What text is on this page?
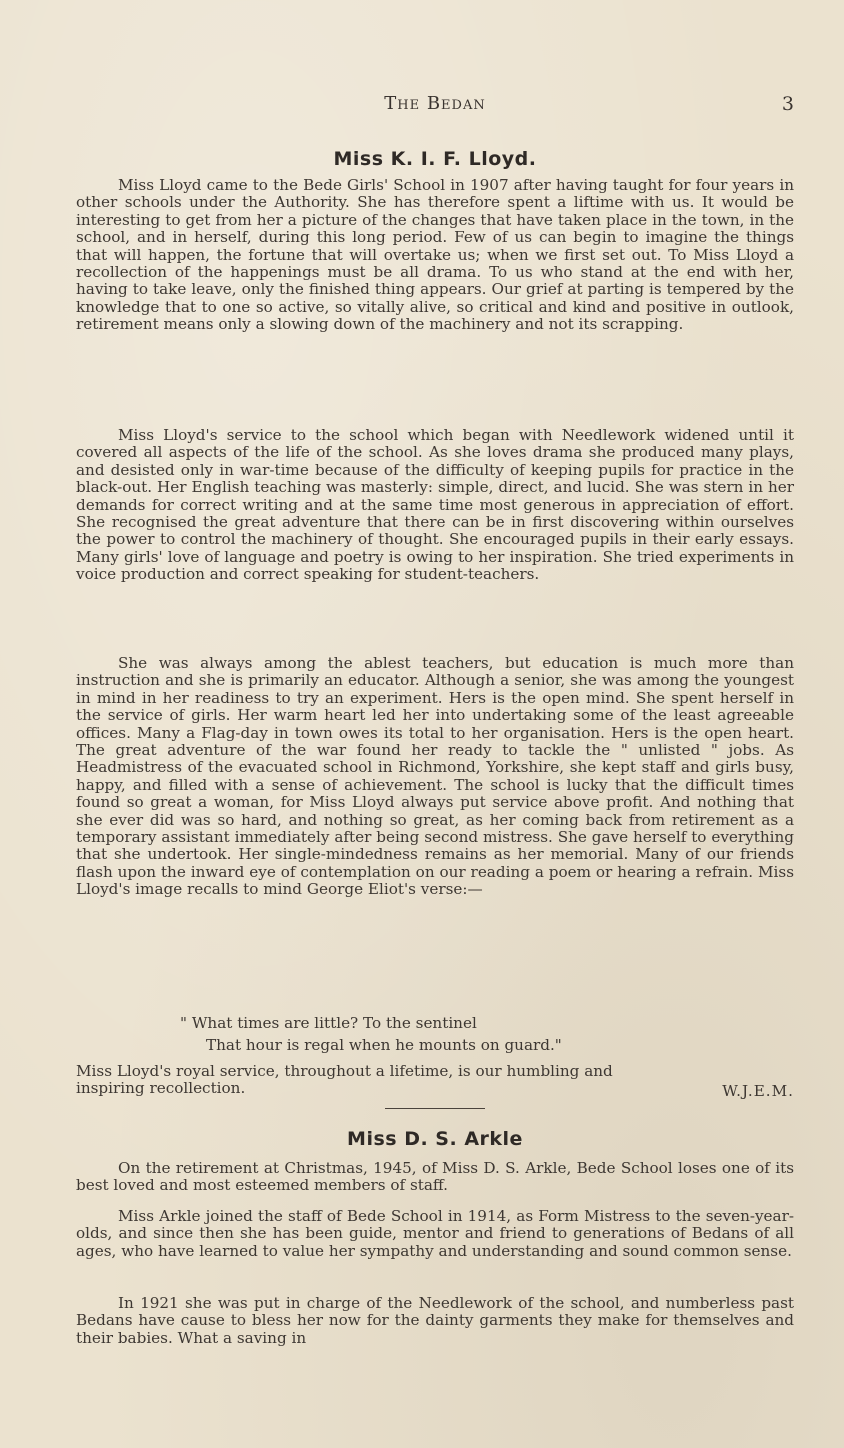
The Bedan	3
Miss K. I. F. Lloyd.

Miss Lloyd came to the Bede Girls' School in 1907 after having taught for four years in other schools under the Authority. She has therefore spent a liftime with us. It would be interesting to get from her a picture of the changes that have taken place in the town, in the school, and in herself, during this long period. Few of us can begin to imagine the things that will happen, the fortune that will overtake us; when we first set out. To Miss Lloyd a recollection of the happenings must be all drama. To us who stand at the end with her, having to take leave, only the finished thing appears. Our grief at parting is tempered by the knowledge that to one so active, so vitally alive, so critical and kind and positive in outlook, retirement means only a slowing down of the machinery and not its scrapping.

Miss Lloyd's service to the school which began with Needlework widened until it covered all aspects of the life of the school. As she loves drama she produced many plays, and desisted only in war-time because of the difficulty of keeping pupils for practice in the black-out. Her English teaching was masterly: simple, direct, and lucid. She was stern in her demands for correct writing and at the same time most generous in appreciation of effort. She recognised the great adventure that there can be in first discovering within ourselves the power to control the machinery of thought. She encouraged pupils in their early essays. Many girls' love of language and poetry is owing to her inspiration. She tried experiments in voice production and correct speaking for student-teachers.

She was always among the ablest teachers, but education is much more than instruction and she is primarily an educator. Although a senior, she was among the youngest in mind in her readiness to try an experiment. Hers is the open mind. She spent herself in the service of girls. Her warm heart led her into undertaking some of the least agreeable offices. Many a Flag-day in town owes its total to her organisation. Hers is the open heart. The great adventure of the war found her ready to tackle the " unlisted " jobs. As Headmistress of the evacuated school in Richmond, Yorkshire, she kept staff and girls busy, happy, and filled with a sense of achievement. The school is lucky that the difficult times found so great a woman, for Miss Lloyd always put service above profit. And nothing that she ever did was so hard, and nothing so great, as her coming back from retirement as a temporary assistant immediately after being second mistress. She gave herself to everything that she undertook. Her single-mindedness remains as her memorial. Many of our friends flash upon the inward eye of contemplation on our reading a poem or hearing a refrain. Miss Lloyd's image recalls to mind George Eliot's verse:—

" What times are little? To the sentinel
That hour is regal when he mounts on guard."
Miss Lloyd's royal service, throughout a lifetime, is our humbling and
inspiring recollection.	W.J.E.M.
Miss D. S. Arkle

On the retirement at Christmas, 1945, of Miss D. S. Arkle, Bede School loses one of its best loved and most esteemed members of staff.

Miss Arkle joined the staff of Bede School in 1914, as Form Mistress to the seven-year-olds, and since then she has been guide, mentor and friend to generations of Bedans of all ages, who have learned to value her sympathy and understanding and sound common sense.

In 1921 she was put in charge of the Needlework of the school, and numberless past Bedans have cause to bless her now for the dainty garments they make for themselves and their babies. What a saving in
